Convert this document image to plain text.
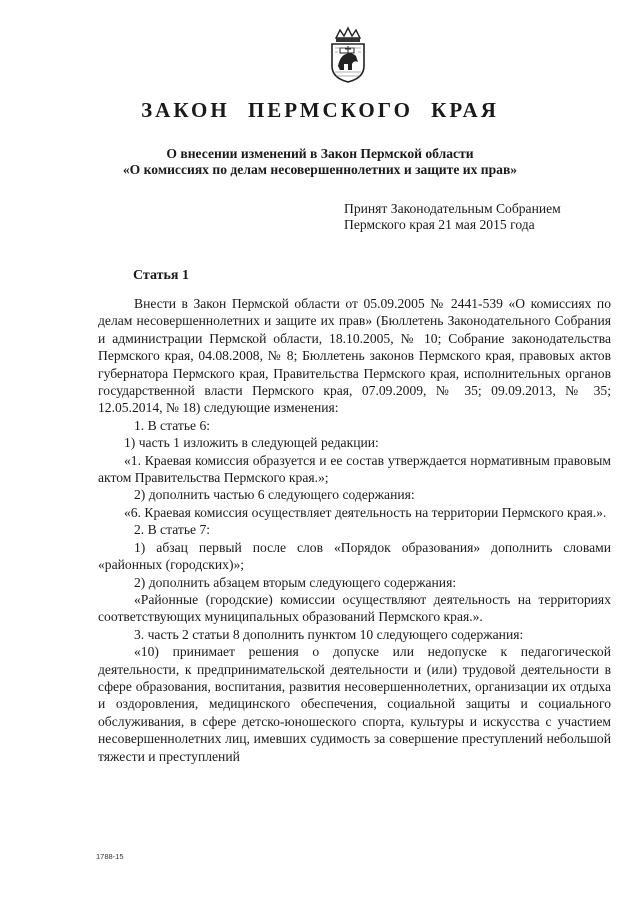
ЗАКОН ПЕРМСКОГО КРАЯ
О внесении изменений в Закон Пермской области
«О комиссиях по делам несовершеннолетних и защите их прав»
Принят Законодательным Собранием
Пермского края 21 мая 2015 года
Статья 1

Внести в Закон Пермской области от 05.09.2005 № 2441-539 «О комиссиях по делам несовершеннолетних и защите их прав» (Бюллетень Законодательного Собрания и администрации Пермской области, 18.10.2005, № 10; Собрание законодательства Пермского края, 04.08.2008, № 8; Бюллетень законов Пермского края, правовых актов губернатора Пермского края, Правительства Пермского края, исполнительных органов государственной власти Пермского края, 07.09.2009, № 35; 09.09.2013, № 35; 12.05.2014, № 18) следующие изменения:

1. В статье 6:

1) часть 1 изложить в следующей редакции:

«1. Краевая комиссия образуется и ее состав утверждается нормативным правовым актом Правительства Пермского края.»;

2) дополнить частью 6 следующего содержания:

«6. Краевая комиссия осуществляет деятельность на территории Пермского края.».

2. В статье 7:

1) абзац первый после слов «Порядок образования» дополнить словами «районных (городских)»;

2) дополнить абзацем вторым следующего содержания:

«Районные (городские) комиссии осуществляют деятельность на территориях соответствующих муниципальных образований Пермского края.».

3. часть 2 статьи 8 дополнить пунктом 10 следующего содержания:

«10) принимает решения о допуске или недопуске к педагогической деятельности, к предпринимательской деятельности и (или) трудовой деятельности в сфере образования, воспитания, развития несовершеннолетних, организации их отдыха и оздоровления, медицинского обеспечения, социальной защиты и социального обслуживания, в сфере детско-юношеского спорта, культуры и искусства с участием несовершеннолетних лиц, имевших судимость за совершение преступлений небольшой тяжести и преступлений

1788-15
